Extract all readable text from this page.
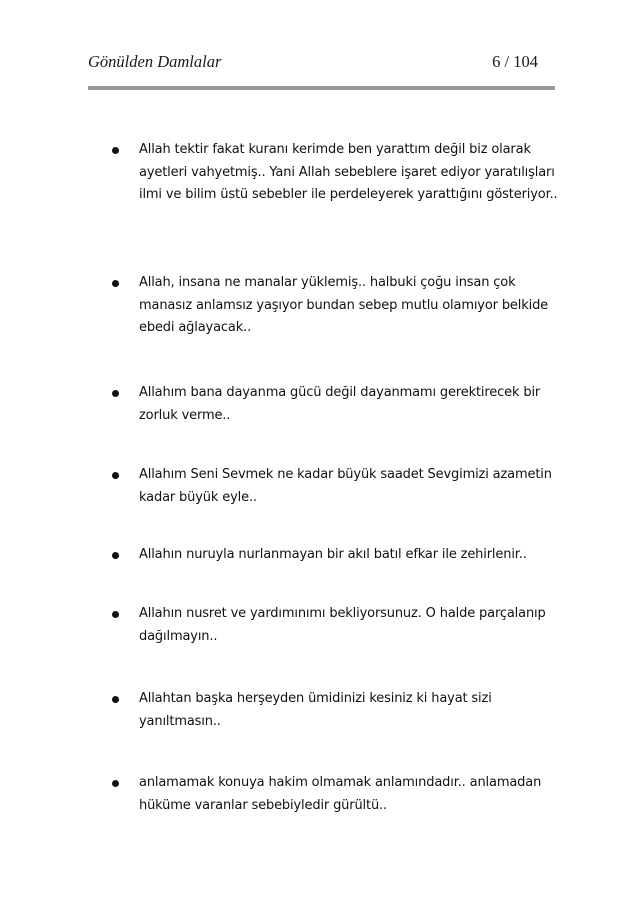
Gönülden Damlalar	6 / 104
Allah tektir fakat kuranı kerimde ben yarattım değil biz olarak ayetleri vahyetmiş.. Yani Allah sebeblere işaret ediyor yaratılışları ilmi ve bilim üstü sebebler ile perdeleyerek yarattığını gösteriyor..
Allah, insana ne manalar yüklemiş.. halbuki çoğu insan çok manasız anlamsız yaşıyor bundan sebep mutlu olamıyor belkide ebedi ağlayacak..
Allahım bana dayanma gücü değil dayanmamı gerektirecek bir zorluk verme..
Allahım Seni Sevmek ne kadar büyük saadet Sevgimizi azametin kadar büyük eyle..
Allahın nuruyla nurlanmayan bir akıl batıl efkar ile zehirlenir..
Allahın nusret ve yardımınımı bekliyorsunuz. O halde parçalanıp dağılmayın..
Allahtan başka herşeyden ümidinizi kesiniz ki hayat sizi yanıltmasın..
anlamamak konuya hakim olmamak anlamındadır.. anlamadan hüküme varanlar sebebiyledir gürültü..
